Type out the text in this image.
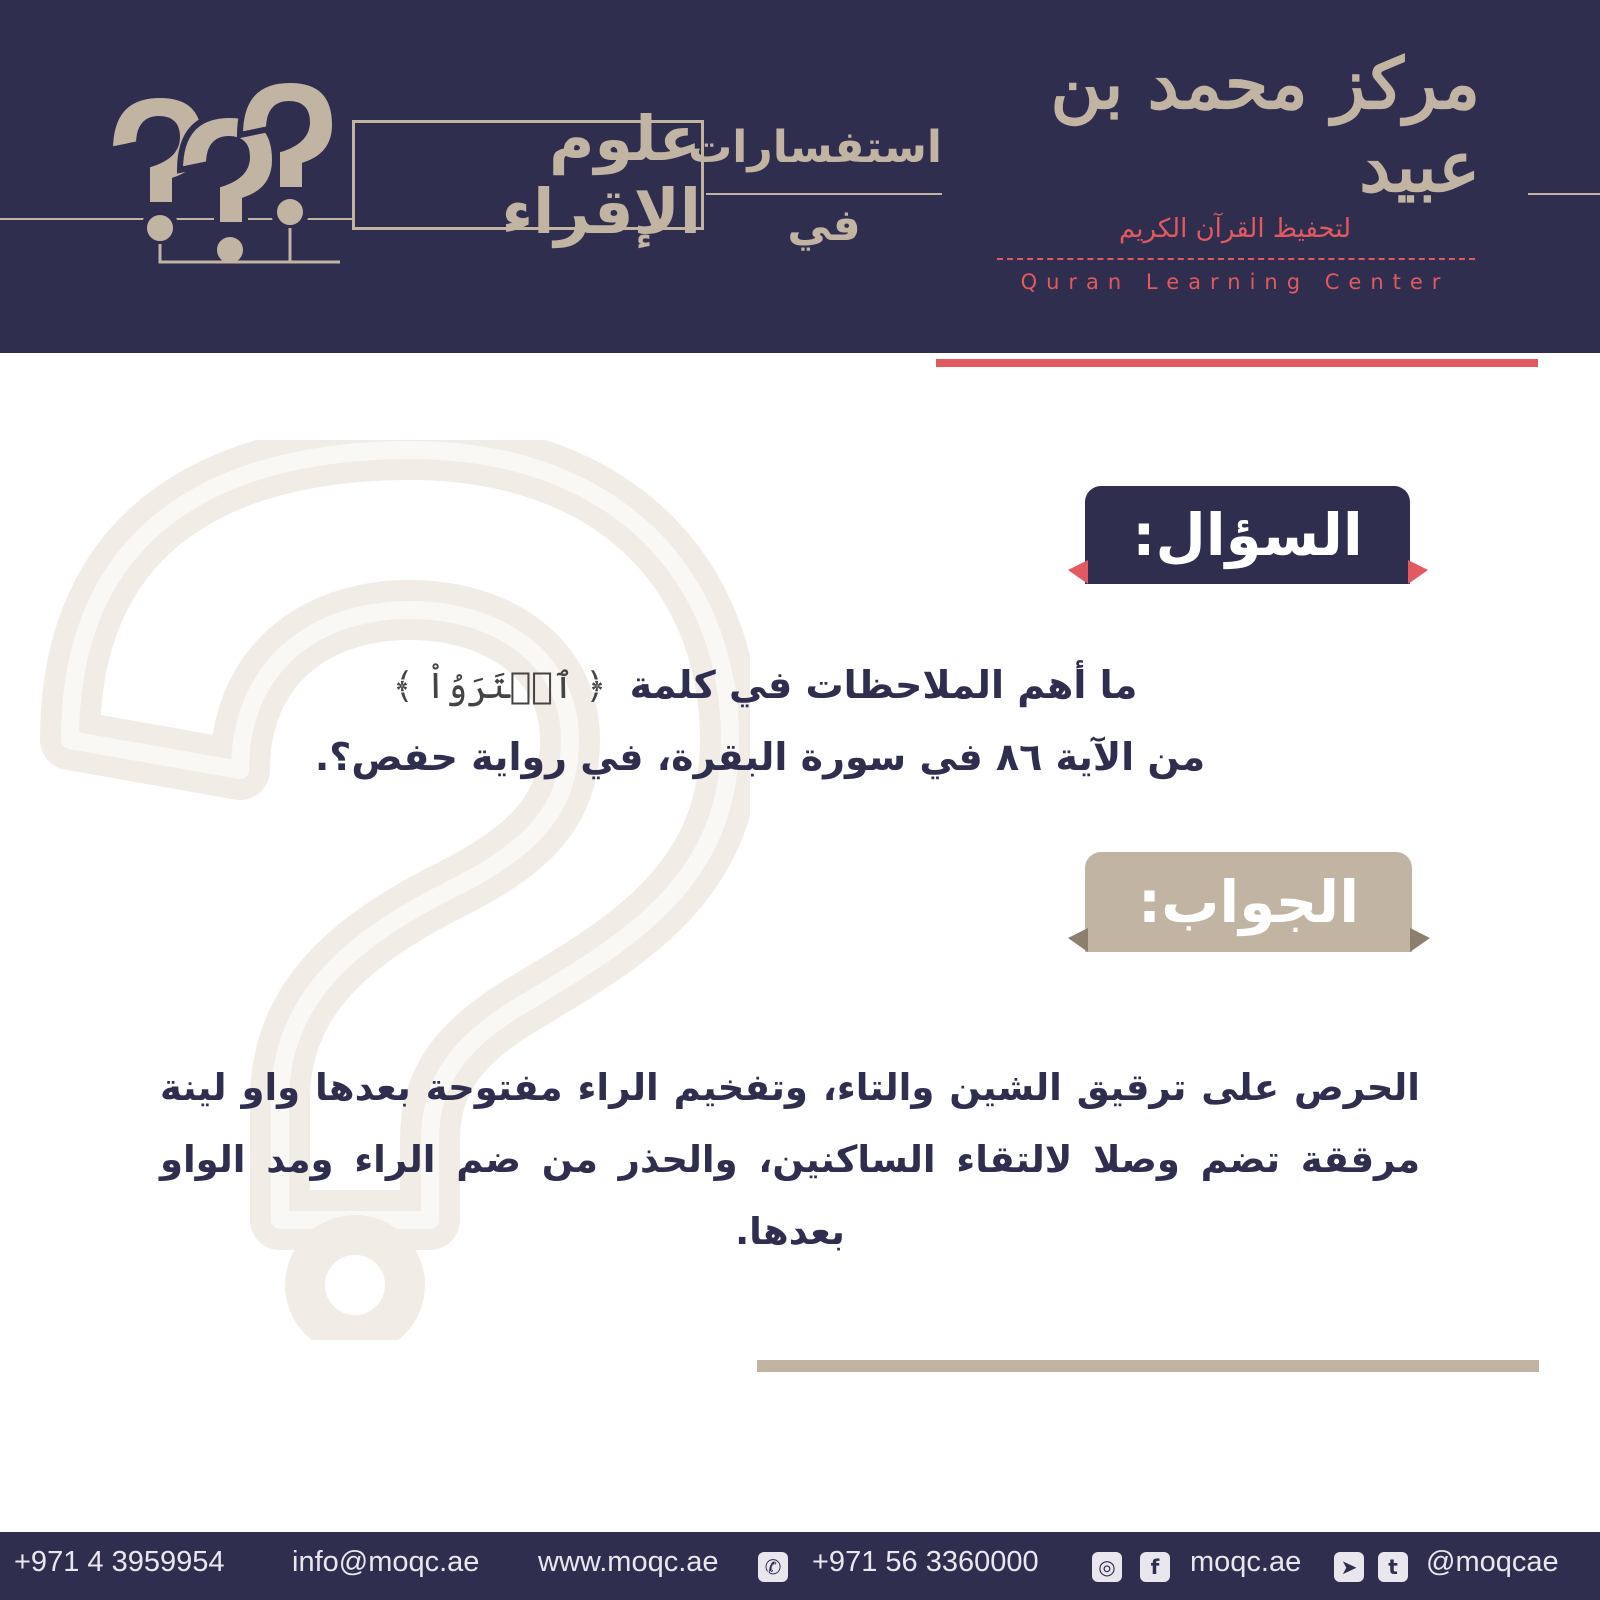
علوم الإقراء
استفسارات
في
مركز محمد بن عبيد
لتحفيظ القرآن الكريم
Quran Learning Center
السؤال:
ما أهم الملاحظات في كلمة ﴿ ٱشۡتَرَوُاْ ﴾
من الآية ٨٦ في سورة البقرة، في رواية حفص؟.
الجواب:
الحرص على ترقيق الشين والتاء، وتفخيم الراء مفتوحة بعدها واو لينة مرققة تضم وصلا لالتقاء الساكنين، والحذر من ضم الراء ومد الواو بعدها.
+971 4 3959954 info@moqc.ae www.moqc.ae	✆ +971 56 3360000	◎	f	moqc.ae	➤	t @moqcae
